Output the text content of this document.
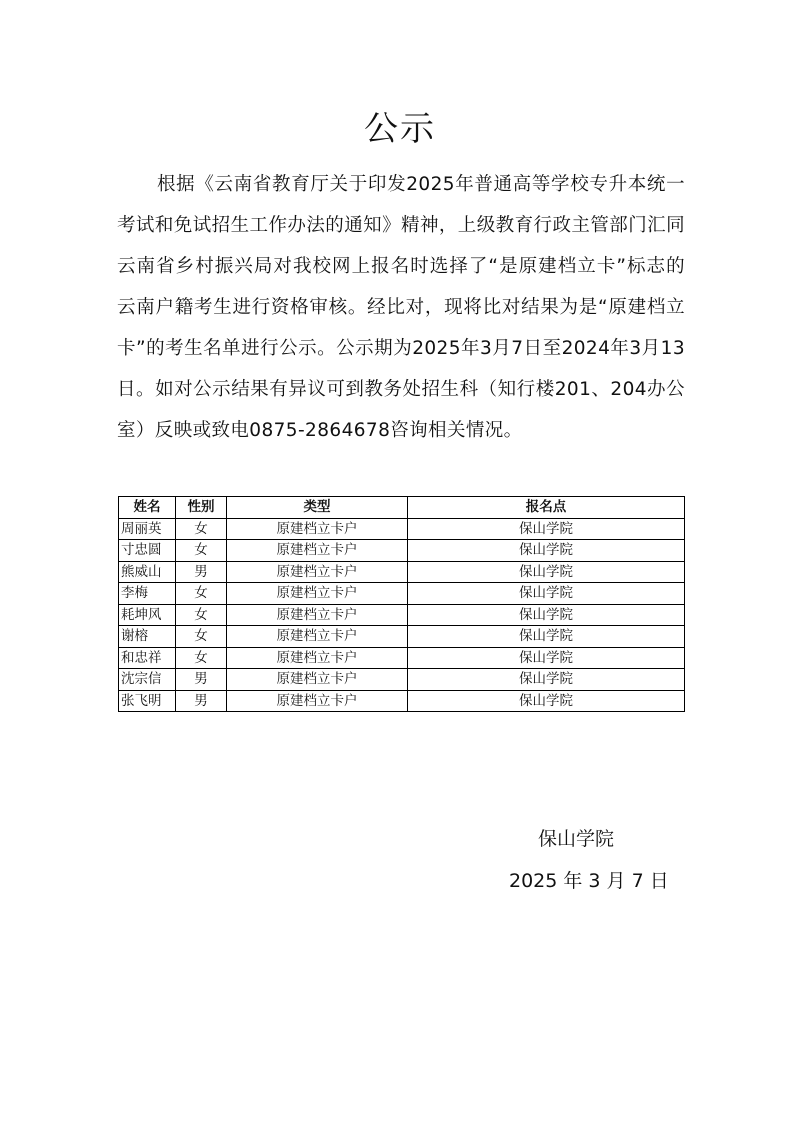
公示

根据《云南省教育厅关于印发2025年普通高等学校专升本统一考试和免试招生工作办法的通知》精神，上级教育行政主管部门汇同云南省乡村振兴局对我校网上报名时选择了“是原建档立卡”标志的云南户籍考生进行资格审核。经比对，现将比对结果为是“原建档立卡”的考生名单进行公示。公示期为2025年3月7日至2024年3月13日。如对公示结果有异议可到教务处招生科（知行楼201、204办公室）反映或致电0875-2864678咨询相关情况。

姓名	性别	类型	报名点
周丽英	女	原建档立卡户	保山学院
寸忠圆	女	原建档立卡户	保山学院
熊威山	男	原建档立卡户	保山学院
李梅	女	原建档立卡户	保山学院
耗坤风	女	原建档立卡户	保山学院
谢榕	女	原建档立卡户	保山学院
和忠祥	女	原建档立卡户	保山学院
沈宗信	男	原建档立卡户	保山学院
张飞明	男	原建档立卡户	保山学院

保山学院

2025 年 3 月 7 日
